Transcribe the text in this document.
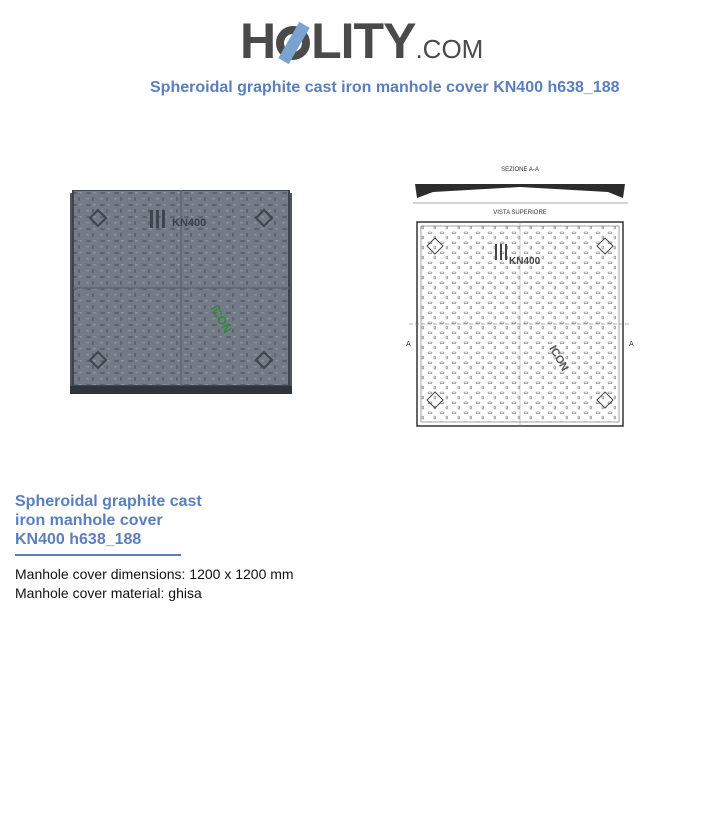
H LITY.COM
Spheroidal graphite cast iron manhole cover KN400 h638_188
KN400
ICON
SEZIONE A-A
VISTA SUPERIORE
KN400
ICON
A	A
Spheroidal graphite cast
iron manhole cover
KN400 h638_188
Manhole cover dimensions: 1200 x 1200 mm
Manhole cover material: ghisa
